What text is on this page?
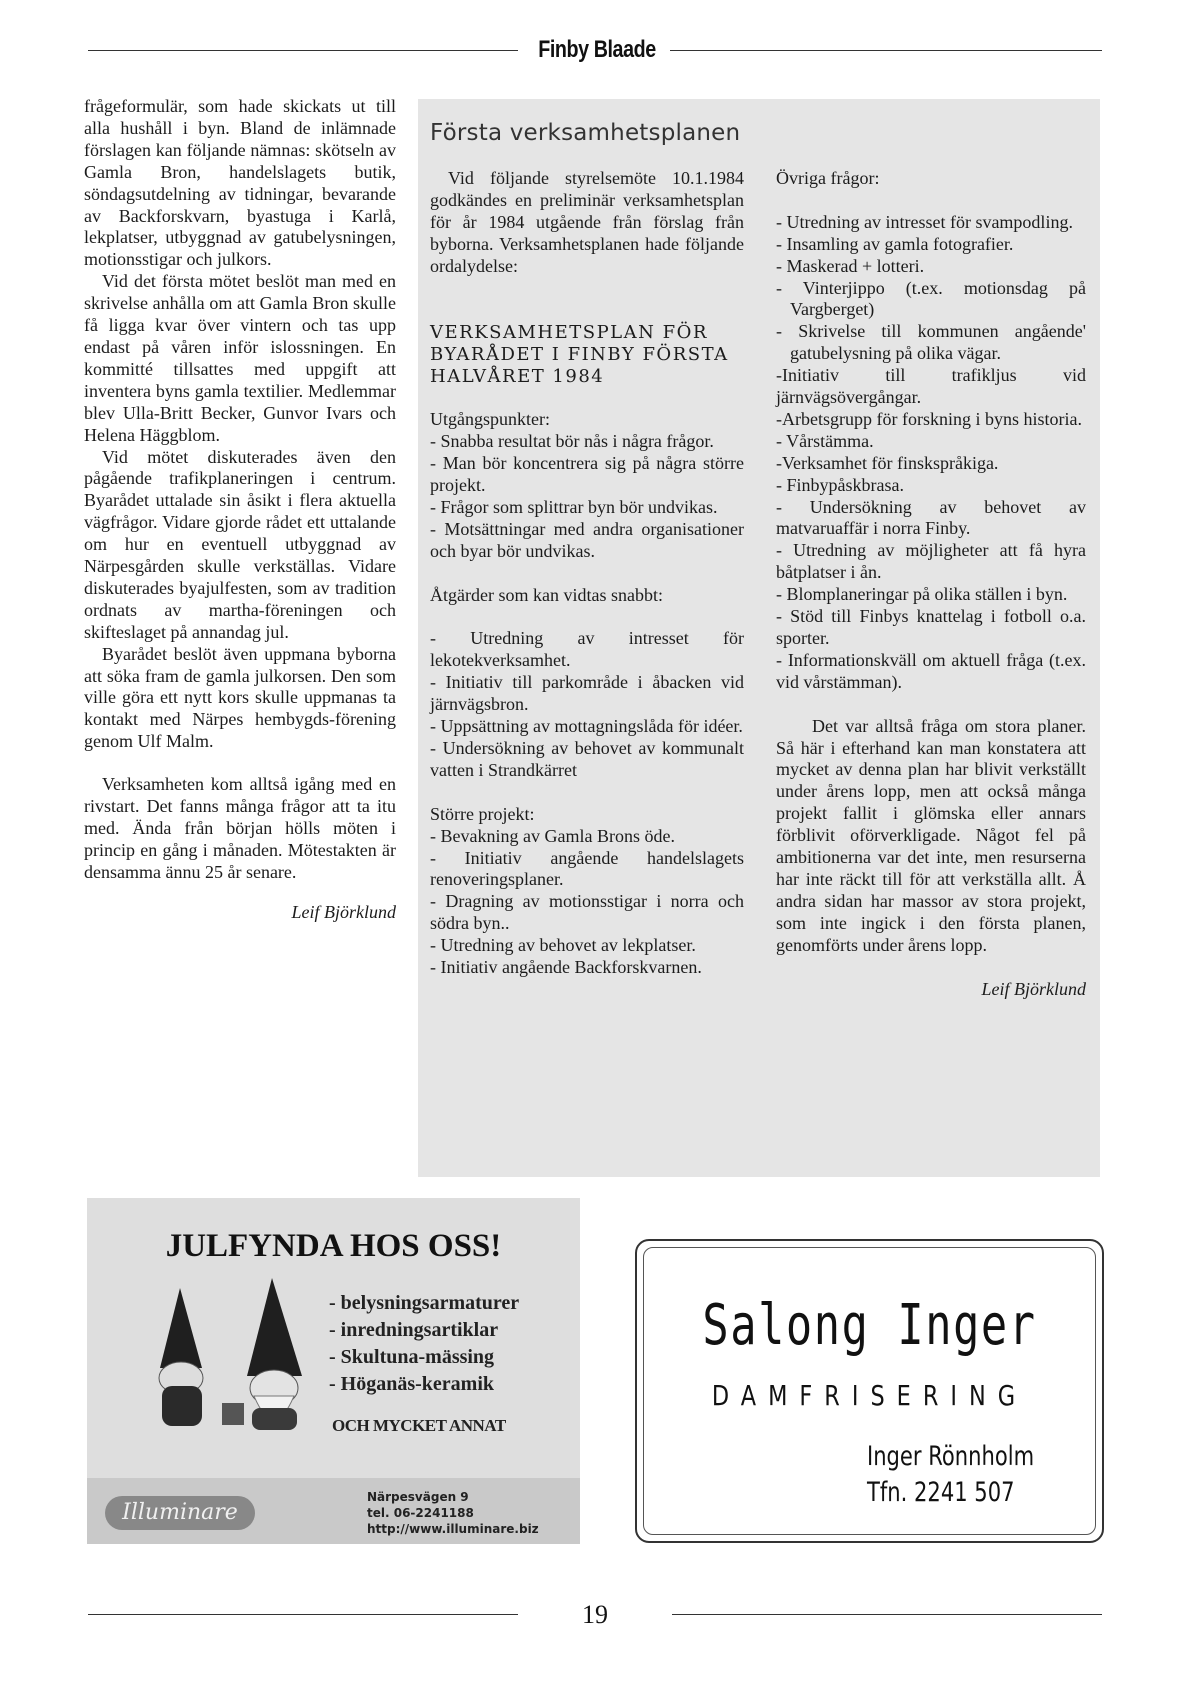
Finby Blaade

frågeformulär, som hade skickats ut till alla hushåll i byn. Bland de inlämnade förslagen kan följande nämnas: skötseln av Gamla Bron, handelslagets butik, söndagsutdelning av tidningar, bevarande av Backforskvarn, byastuga i Karlå, lekplatser, utbyggnad av gatubelysningen, motionsstigar och julkors.

Vid det första mötet beslöt man med en skrivelse anhålla om att Gamla Bron skulle få ligga kvar över vintern och tas upp endast på våren inför islossningen. En kommitté tillsattes med uppgift att inventera byns gamla textilier. Medlemmar blev Ulla-Britt Becker, Gunvor Ivars och Helena Häggblom.

Vid mötet diskuterades även den pågående trafikplaneringen i centrum. Byarådet uttalade sin åsikt i flera aktuella vägfrågor. Vidare gjorde rådet ett uttalande om hur en eventuell utbyggnad av Närpesgården skulle verkställas. Vidare diskuterades byajulfesten, som av tradition ordnats av martha-föreningen och skifteslaget på annandag jul.

Byarådet beslöt även uppmana byborna att söka fram de gamla julkorsen. Den som ville göra ett nytt kors skulle uppmanas ta kontakt med Närpes hembygds-förening genom Ulf Malm.

Verksamheten kom alltså igång med en rivstart. Det fanns många frågor att ta itu med. Ända från början hölls möten i princip en gång i månaden. Mötestakten är densamma ännu 25 år senare.

Leif Björklund

Första verksamhetsplanen

Vid följande styrelsemöte 10.1.1984 godkändes en preliminär verksamhetsplan för år 1984 utgående från förslag från byborna. Verksamhetsplanen hade följande ordalydelse:

VERKSAMHETSPLAN FÖR BYARÅDET I FINBY FÖRSTA HALVÅRET 1984

Utgångspunkter:

- Snabba resultat bör nås i några frågor.

- Man bör koncentrera sig på några större projekt.

- Frågor som splittrar byn bör undvikas.

- Motsättningar med andra organisationer och byar bör undvikas.

Åtgärder som kan vidtas snabbt:

- Utredning av intresset för lekotekverksamhet.

- Initiativ till parkområde i åbacken vid järnvägsbron.

- Uppsättning av mottagningslåda för idéer.

- Undersökning av behovet av kommunalt vatten i Strandkärret

Större projekt:

- Bevakning av Gamla Brons öde.

- Initiativ angående handelslagets renoveringsplaner.

- Dragning av motionsstigar i norra och södra byn..

- Utredning av behovet av lekplatser.

- Initiativ angående Backforskvarnen.

Övriga frågor:

- Utredning av intresset för svampodling.

- Insamling av gamla fotografier.

- Maskerad + lotteri.

- Vinterjippo (t.ex. motionsdag på Vargberget)

- Skrivelse till kommunen angående' gatubelysning på olika vägar.

-Initiativ till trafikljus vid järnvägsövergångar.

-Arbetsgrupp för forskning i byns historia.

- Vårstämma.

-Verksamhet för finskspråkiga.

- Finbypåskbrasa.

- Undersökning av behovet av matvaruaffär i norra Finby.

- Utredning av möjligheter att få hyra båtplatser i ån.

- Blomplaneringar på olika ställen i byn.

- Stöd till Finbys knattelag i fotboll o.a. sporter.

- Informationskväll om aktuell fråga (t.ex. vid vårstämman).

Det var alltså fråga om stora planer. Så här i efterhand kan man konstatera att mycket av denna plan har blivit verkställt under årens lopp, men att också många projekt fallit i glömska eller annars förblivit oförverkligade. Något fel på ambitionerna var det inte, men resurserna har inte räckt till för att verkställa allt. Å andra sidan har massor av stora projekt, som inte ingick i den första planen, genomförts under årens lopp.

Leif Björklund

JULFYNDA HOS OSS!
- belysningsarmaturer
- inredningsartiklar
- Skultuna-mässing
- Höganäs-keramik
OCH MYCKET ANNAT
Illuminare
Närpesvägen 9
tel. 06-2241188
http://www.illuminare.biz
Salong Inger
DAMFRISERING
Inger Rönnholm
Tfn. 2241 507
19
